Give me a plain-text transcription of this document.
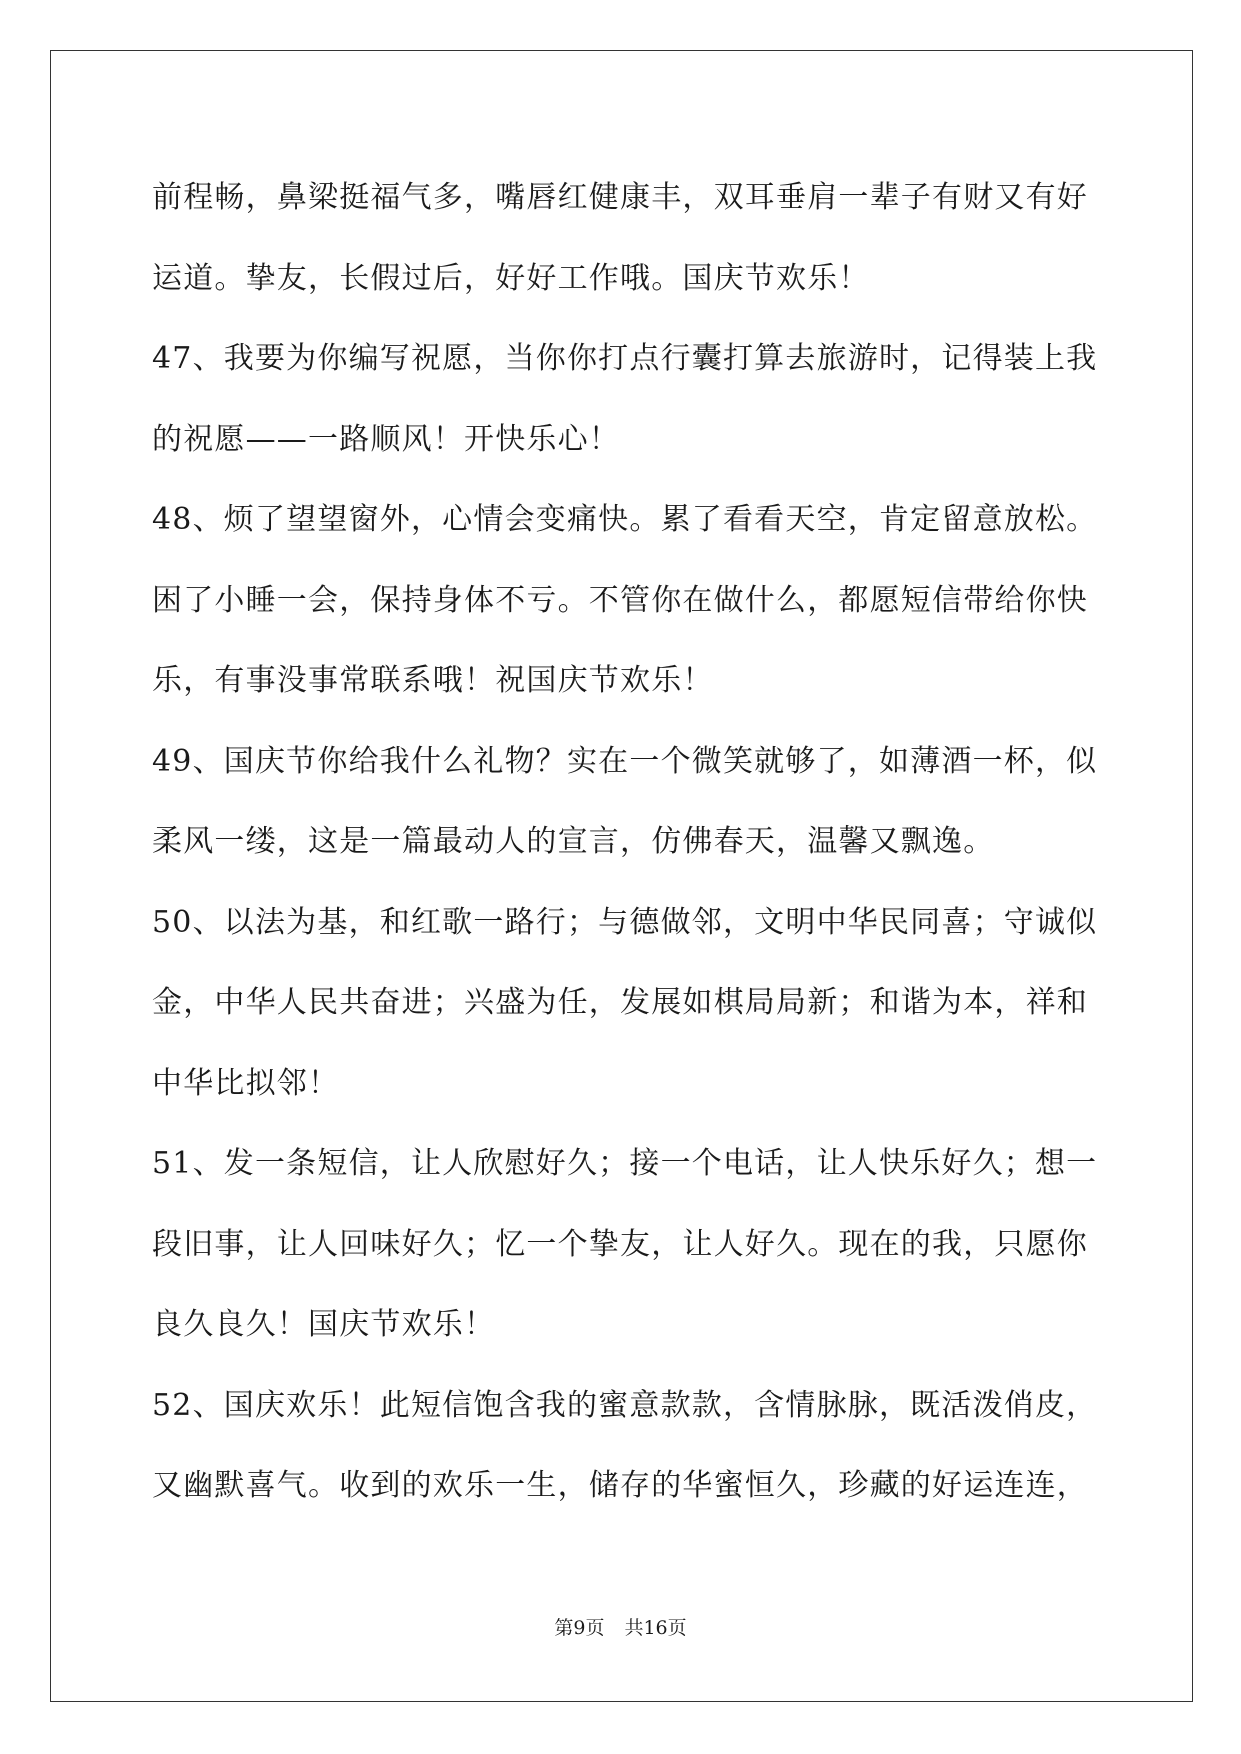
前程畅，鼻梁挺福气多，嘴唇红健康丰，双耳垂肩一辈子有财又有好
运道。挚友，长假过后，好好工作哦。国庆节欢乐！
47、我要为你编写祝愿，当你你打点行囊打算去旅游时，记得装上我
的祝愿——一路顺风！开快乐心！
48、烦了望望窗外，心情会变痛快。累了看看天空，肯定留意放松。
困了小睡一会，保持身体不亏。不管你在做什么，都愿短信带给你快
乐，有事没事常联系哦！祝国庆节欢乐！
49、国庆节你给我什么礼物？实在一个微笑就够了，如薄酒一杯，似
柔风一缕，这是一篇最动人的宣言，仿佛春天，温馨又飘逸。
50、以法为基，和红歌一路行；与德做邻，文明中华民同喜；守诚似
金，中华人民共奋进；兴盛为任，发展如棋局局新；和谐为本，祥和
中华比拟邻！
51、发一条短信，让人欣慰好久；接一个电话，让人快乐好久；想一
段旧事，让人回味好久；忆一个挚友，让人好久。现在的我，只愿你
良久良久！国庆节欢乐！
52、国庆欢乐！此短信饱含我的蜜意款款，含情脉脉，既活泼俏皮，
又幽默喜气。收到的欢乐一生，储存的华蜜恒久，珍藏的好运连连，
第9页 共16页
